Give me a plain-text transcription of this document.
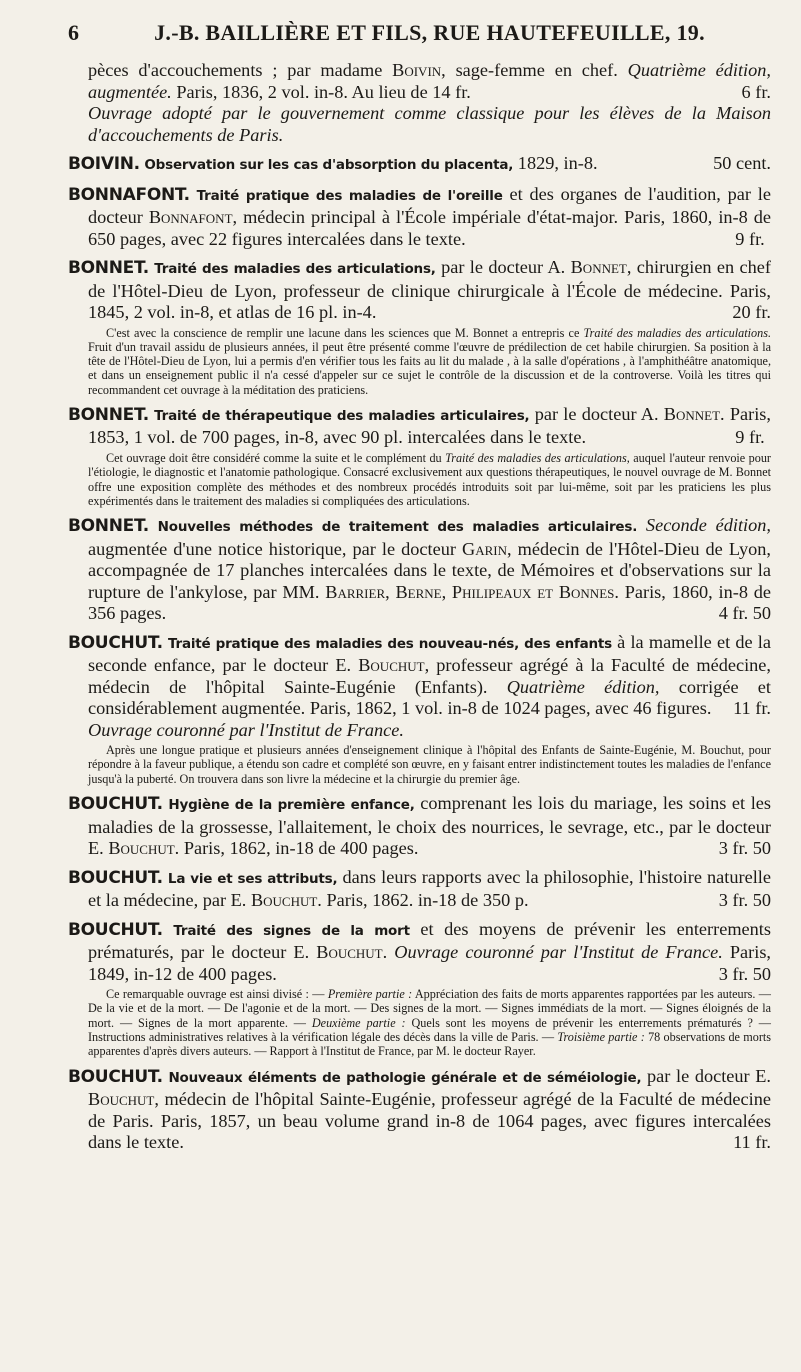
6	J.-B. BAILLIÈRE ET FILS, RUE HAUTEFEUILLE, 19.

pèces d'accouchements ; par madame Boivin, sage-femme en chef. Quatrième édition, augmentée. Paris, 1836, 2 vol. in-8. Au lieu de 14 fr.	6 fr.

Ouvrage adopté par le gouvernement comme classique pour les élèves de la Maison d'accouchements de Paris.

BOIVIN. Observation sur les cas d'absorption du placenta, 1829, in-8.	50 cent.

BONNAFONT. Traité pratique des maladies de l'oreille et des organes de l'audition, par le docteur Bonnafont, médecin principal à l'École impériale d'état-major. Paris, 1860, in-8 de 650 pages, avec 22 figures intercalées dans le texte.	9 fr.

BONNET. Traité des maladies des articulations, par le docteur A. Bonnet, chirurgien en chef de l'Hôtel-Dieu de Lyon, professeur de clinique chirurgicale à l'École de médecine. Paris, 1845, 2 vol. in-8, et atlas de 16 pl. in-4.	20 fr.

C'est avec la conscience de remplir une lacune dans les sciences que M. Bonnet a entrepris ce Traité des maladies des articulations. Fruit d'un travail assidu de plusieurs années, il peut être présenté comme l'œuvre de prédilection de cet habile chirurgien. Sa position à la tête de l'Hôtel-Dieu de Lyon, lui a permis d'en vérifier tous les faits au lit du malade , à la salle d'opérations , à l'amphithéâtre anatomique, et dans un enseignement public il n'a cessé d'appeler sur ce sujet le contrôle de la discussion et de la controverse. Voilà les titres qui recommandent cet ouvrage à la méditation des praticiens.

BONNET. Traité de thérapeutique des maladies articulaires, par le docteur A. Bonnet. Paris, 1853, 1 vol. de 700 pages, in-8, avec 90 pl. intercalées dans le texte.	9 fr.

Cet ouvrage doit être considéré comme la suite et le complément du Traité des maladies des articulations, auquel l'auteur renvoie pour l'étiologie, le diagnostic et l'anatomie pathologique. Consacré exclusivement aux questions thérapeutiques, le nouvel ouvrage de M. Bonnet offre une exposition complète des méthodes et des nombreux procédés introduits soit par lui-même, soit par les praticiens les plus expérimentés dans le traitement des maladies si compliquées des articulations.

BONNET. Nouvelles méthodes de traitement des maladies articulaires. Seconde édition, augmentée d'une notice historique, par le docteur Garin, médecin de l'Hôtel-Dieu de Lyon, accompagnée de 17 planches intercalées dans le texte, de Mémoires et d'observations sur la rupture de l'ankylose, par MM. Barrier, Berne, Philipeaux et Bonnes. Paris, 1860, in-8 de 356 pages.	4 fr. 50

BOUCHUT. Traité pratique des maladies des nouveau-nés, des enfants à la mamelle et de la seconde enfance, par le docteur E. Bouchut, professeur agrégé à la Faculté de médecine, médecin de l'hôpital Sainte-Eugénie (Enfants). Quatrième édition, corrigée et considérablement augmentée. Paris, 1862, 1 vol. in-8 de 1024 pages, avec 46 figures. 11 fr.

Ouvrage couronné par l'Institut de France.

Après une longue pratique et plusieurs années d'enseignement clinique à l'hôpital des Enfants de Sainte-Eugénie, M. Bouchut, pour répondre à la faveur publique, a étendu son cadre et complété son œuvre, en y faisant entrer indistinctement toutes les maladies de l'enfance jusqu'à la puberté. On trouvera dans son livre la médecine et la chirurgie du premier âge.

BOUCHUT. Hygiène de la première enfance, comprenant les lois du mariage, les soins et les maladies de la grossesse, l'allaitement, le choix des nourrices, le sevrage, etc., par le docteur E. Bouchut. Paris, 1862, in-18 de 400 pages.	3 fr. 50

BOUCHUT. La vie et ses attributs, dans leurs rapports avec la philosophie, l'histoire naturelle et la médecine, par E. Bouchut. Paris, 1862. in-18 de 350 p.	3 fr. 50

BOUCHUT. Traité des signes de la mort et des moyens de prévenir les enterrements prématurés, par le docteur E. Bouchut. Ouvrage couronné par l'Institut de France. Paris, 1849, in-12 de 400 pages.	3 fr. 50

Ce remarquable ouvrage est ainsi divisé : — Première partie : Appréciation des faits de morts apparentes rapportées par les auteurs. — De la vie et de la mort. — De l'agonie et de la mort. — Des signes de la mort. — Signes immédiats de la mort. — Signes éloignés de la mort. — Signes de la mort apparente. — Deuxième partie : Quels sont les moyens de prévenir les enterrements prématurés ? — Instructions administratives relatives à la vérification légale des décès dans la ville de Paris. — Troisième partie : 78 observations de morts apparentes d'après divers auteurs. — Rapport à l'Institut de France, par M. le docteur Rayer.

BOUCHUT. Nouveaux éléments de pathologie générale et de séméiologie, par le docteur E. Bouchut, médecin de l'hôpital Sainte-Eugénie, professeur agrégé de la Faculté de médecine de Paris. Paris, 1857, un beau volume grand in-8 de 1064 pages, avec figures intercalées dans le texte.	11 fr.
